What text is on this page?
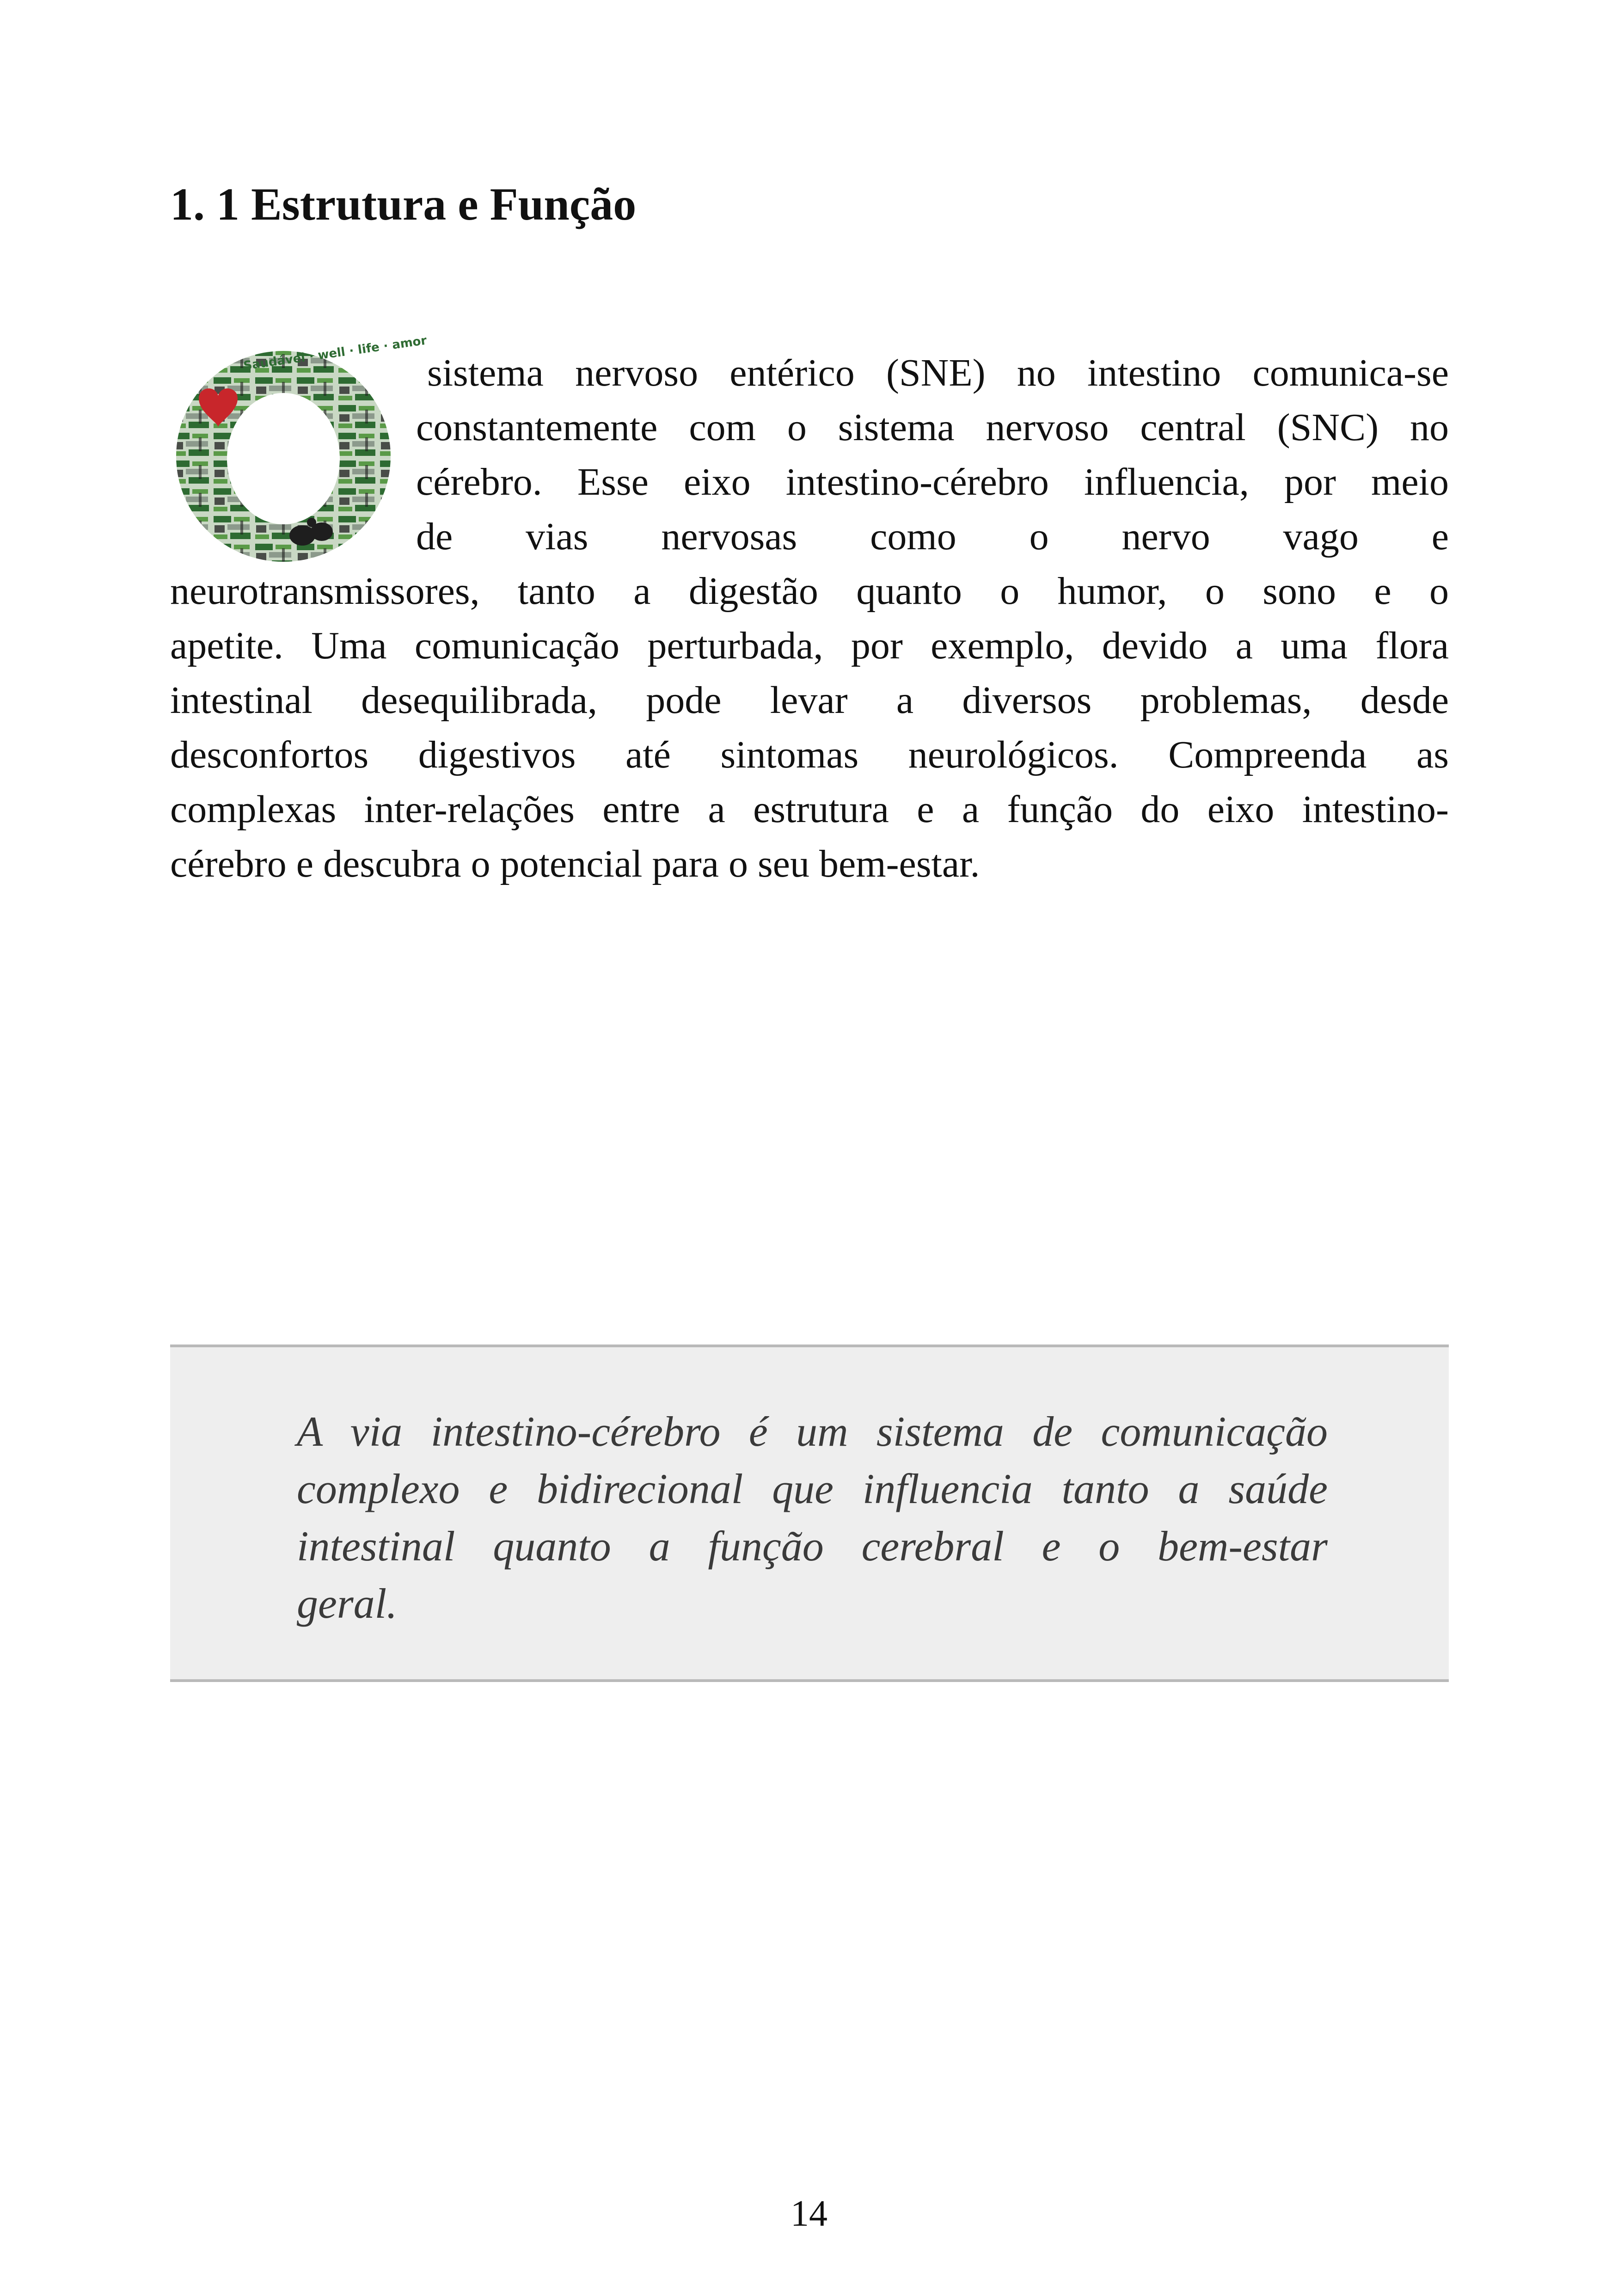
1. 1 Estrutura e Função
Saudável · well · life · amor
sistema nervoso entérico (SNE) no intestino comunica-se
constantemente com o sistema nervoso central (SNC) no
cérebro. Esse eixo intestino-cérebro influencia, por meio
de vias nervosas como o nervo vago e
neurotransmissores, tanto a digestão quanto o humor, o sono e o
apetite. Uma comunicação perturbada, por exemplo, devido a uma flora
intestinal desequilibrada, pode levar a diversos problemas, desde
desconfortos digestivos até sintomas neurológicos. Compreenda as
complexas inter-relações entre a estrutura e a função do eixo intestino-
cérebro e descubra o potencial para o seu bem-estar.
A via intestino-cérebro é um sistema de comunicação
complexo e bidirecional que influencia tanto a saúde
intestinal quanto a função cerebral e o bem-estar
geral.
14
